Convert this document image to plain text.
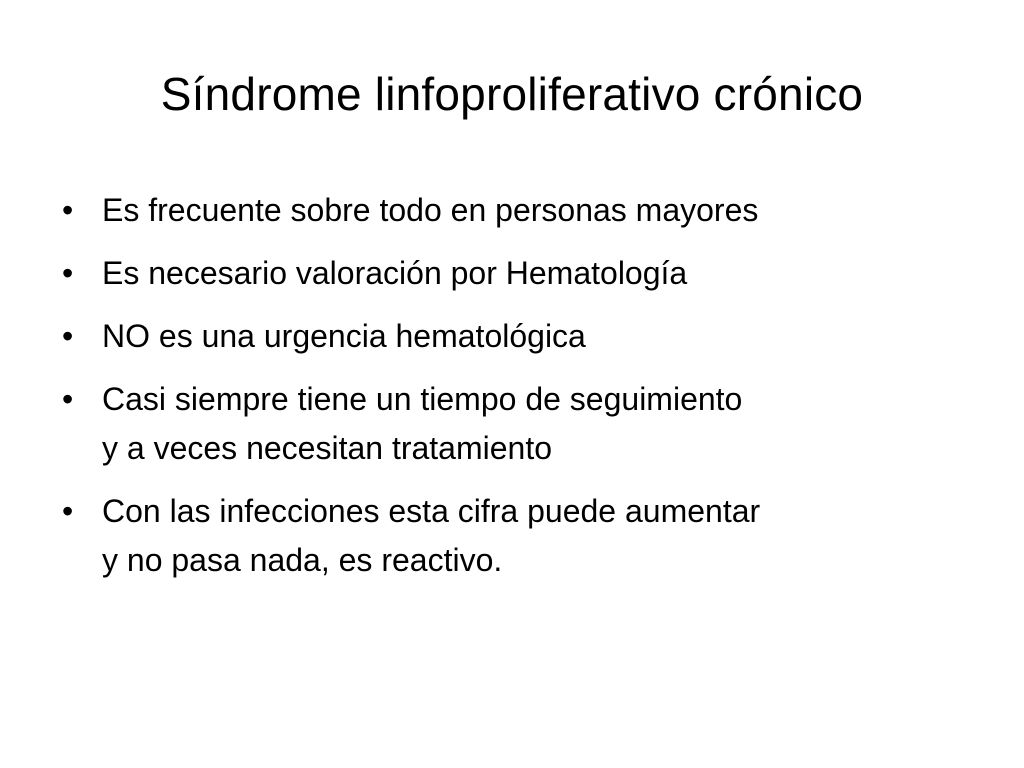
Síndrome linfoproliferativo crónico
• Es frecuente sobre todo en personas mayores
• Es necesario valoración por Hematología
• NO es una urgencia hematológica
• Casi siempre tiene un tiempo de seguimiento
y a veces necesitan tratamiento
• Con las infecciones esta cifra puede aumentar
y no pasa nada, es reactivo.
